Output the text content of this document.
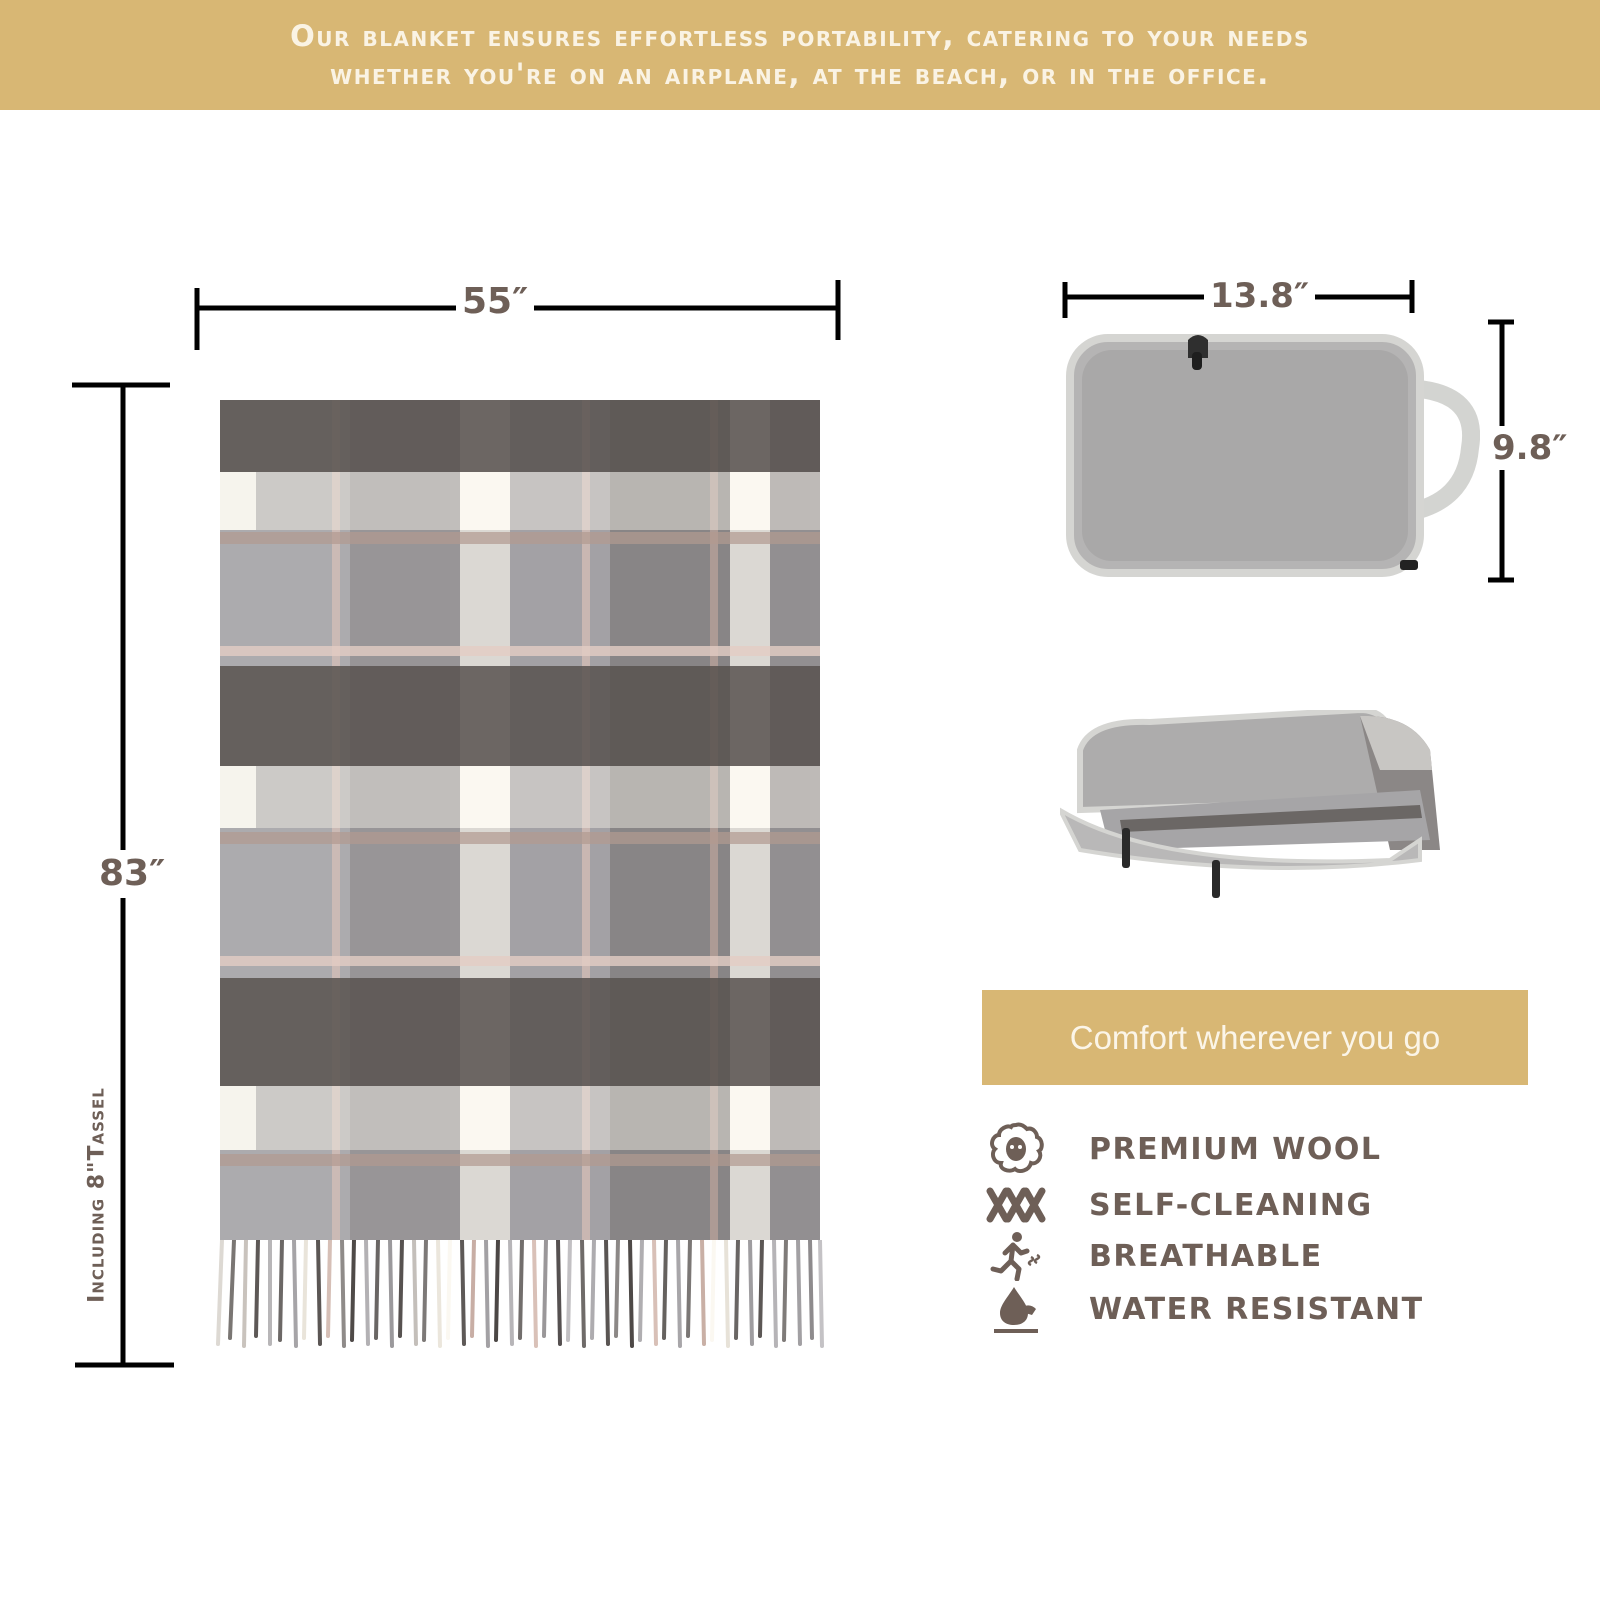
Our blanket ensures effortless portability, catering to your needs
whether you're on an airplane, at the beach, or in the office.
55″
83″
Including 8"Tassel
13.8″
9.8″
Comfort wherever you go
PREMIUM WOOL
SELF-CLEANING
BREATHABLE
WATER RESISTANT
